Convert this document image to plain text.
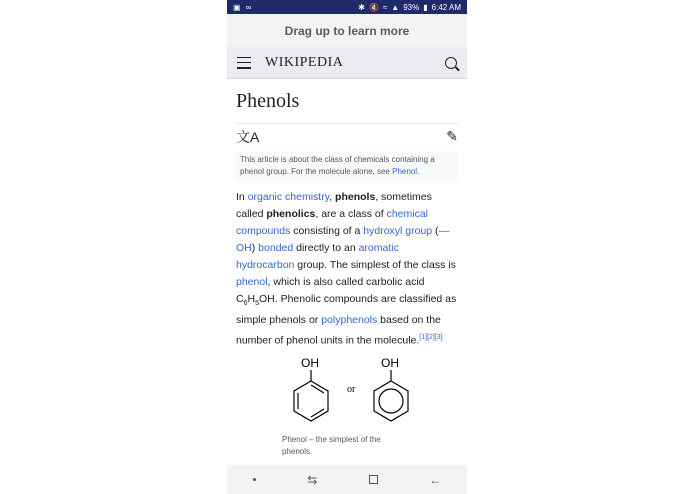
▣ ∞	✱ 🔇 ≈ ▲ 93% ▮ 6:42 AM
Drag up to learn more
WIKIPEDIA
Phenols
文A	✎
This article is about the class of chemicals containing a phenol group. For the molecule alone, see Phenol.
In organic chemistry, phenols, sometimes called phenolics, are a class of chemical compounds consisting of a hydroxyl group (—OH) bonded directly to an aromatic hydrocarbon group. The simplest of the class is phenol, which is also called carbolic acid $C_6H_5OH$. Phenolic compounds are classified as simple phenols or polyphenols based on the number of phenol units in the molecule.[1][2][3]
OH
or
OH
Phenol – the simplest of the phenols.
⇆	←
